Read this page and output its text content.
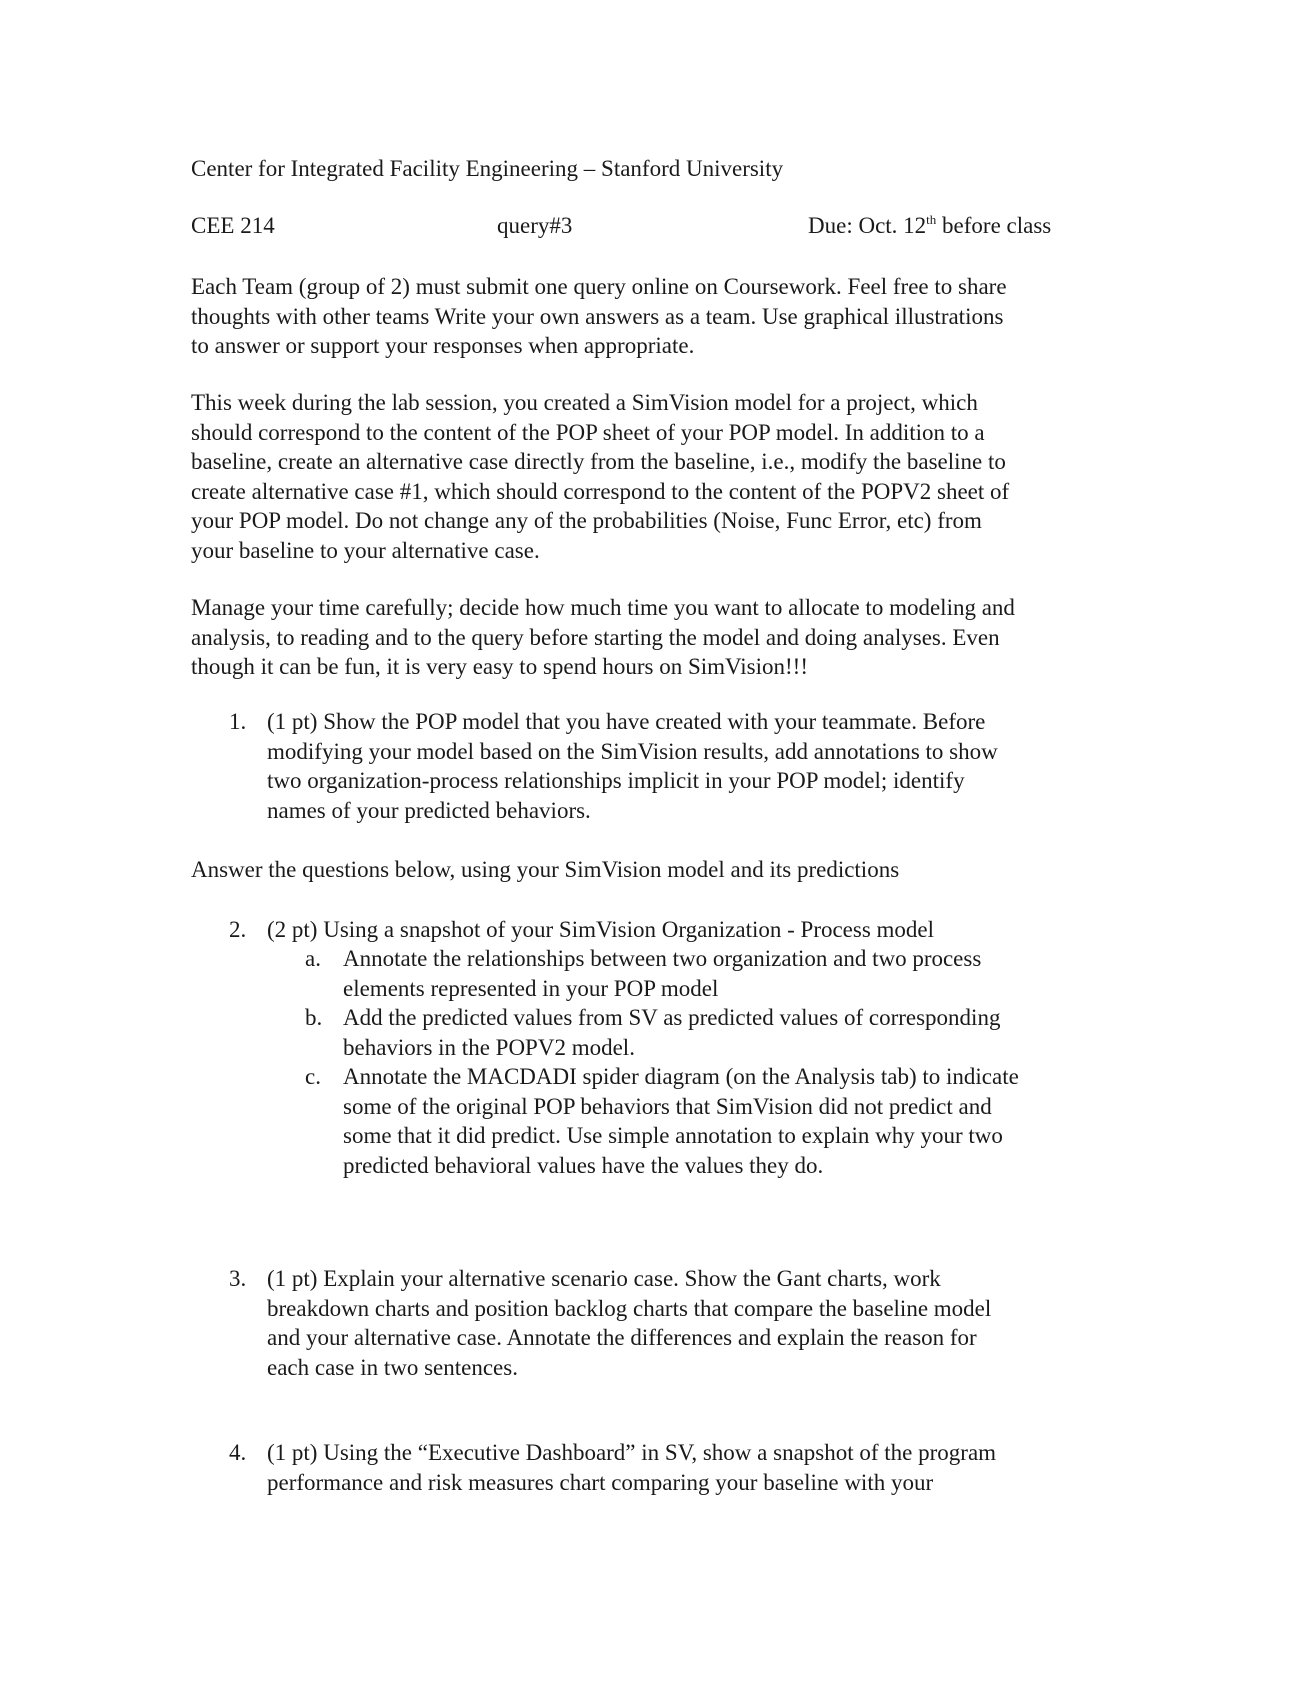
Center for Integrated Facility Engineering – Stanford University
CEE 214	query#3	Due: Oct. 12th before class
Each Team (group of 2) must submit one query online on Coursework. Feel free to share
thoughts with other teams Write your own answers as a team. Use graphical illustrations
to answer or support your responses when appropriate.
This week during the lab session, you created a SimVision model for a project, which
should correspond to the content of the POP sheet of your POP model. In addition to a
baseline, create an alternative case directly from the baseline, i.e., modify the baseline to
create alternative case #1, which should correspond to the content of the POPV2 sheet of
your POP model. Do not change any of the probabilities (Noise, Func Error, etc) from
your baseline to your alternative case.
Manage your time carefully; decide how much time you want to allocate to modeling and
analysis, to reading and to the query before starting the model and doing analyses. Even
though it can be fun, it is very easy to spend hours on SimVision!!!
1. (1 pt) Show the POP model that you have created with your teammate. Before
modifying your model based on the SimVision results, add annotations to show
two organization-process relationships implicit in your POP model; identify
names of your predicted behaviors.
Answer the questions below, using your SimVision model and its predictions
2. (2 pt) Using a snapshot of your SimVision Organization - Process model
a. Annotate the relationships between two organization and two process
elements represented in your POP model
b. Add the predicted values from SV as predicted values of corresponding
behaviors in the POPV2 model.
c. Annotate the MACDADI spider diagram (on the Analysis tab) to indicate
some of the original POP behaviors that SimVision did not predict and
some that it did predict. Use simple annotation to explain why your two
predicted behavioral values have the values they do.
3. (1 pt) Explain your alternative scenario case. Show the Gant charts, work
breakdown charts and position backlog charts that compare the baseline model
and your alternative case. Annotate the differences and explain the reason for
each case in two sentences.
4. (1 pt) Using the “Executive Dashboard” in SV, show a snapshot of the program
performance and risk measures chart comparing your baseline with your
